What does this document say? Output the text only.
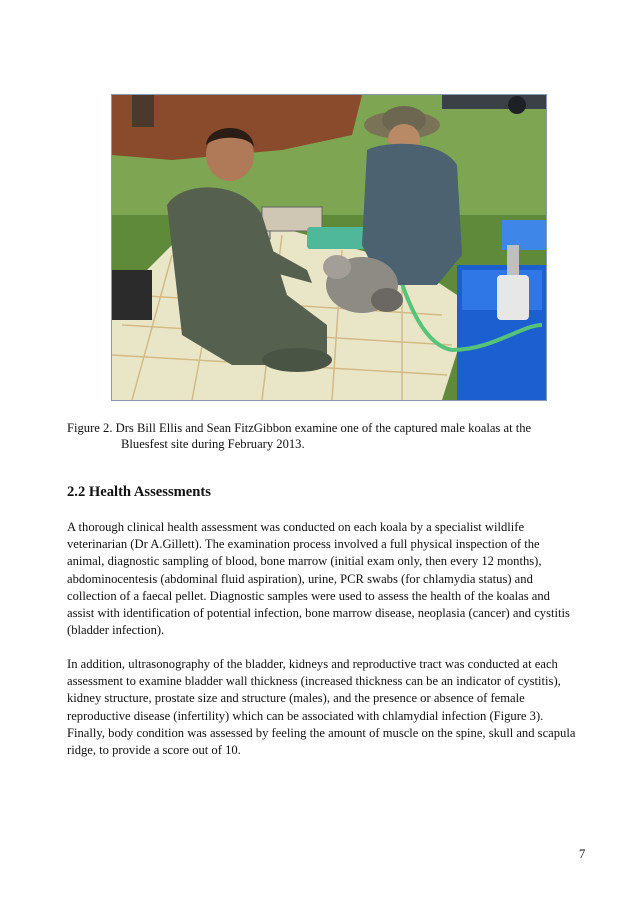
Figure 2. Drs Bill Ellis and Sean FitzGibbon examine one of the captured male koalas at the
Bluesfest site during February 2013.
2.2 Health Assessments

A thorough clinical health assessment was conducted on each koala by a specialist wildlife
veterinarian (Dr A.Gillett). The examination process involved a full physical inspection of the
animal, diagnostic sampling of blood, bone marrow (initial exam only, then every 12 months),
abdominocentesis (abdominal fluid aspiration), urine, PCR swabs (for chlamydia status) and
collection of a faecal pellet. Diagnostic samples were used to assess the health of the koalas and
assist with identification of potential infection, bone marrow disease, neoplasia (cancer) and cystitis
(bladder infection).

In addition, ultrasonography of the bladder, kidneys and reproductive tract was conducted at each
assessment to examine bladder wall thickness (increased thickness can be an indicator of cystitis),
kidney structure, prostate size and structure (males), and the presence or absence of female
reproductive disease (infertility) which can be associated with chlamydial infection (Figure 3).
Finally, body condition was assessed by feeling the amount of muscle on the spine, skull and scapula
ridge, to provide a score out of 10.

7
